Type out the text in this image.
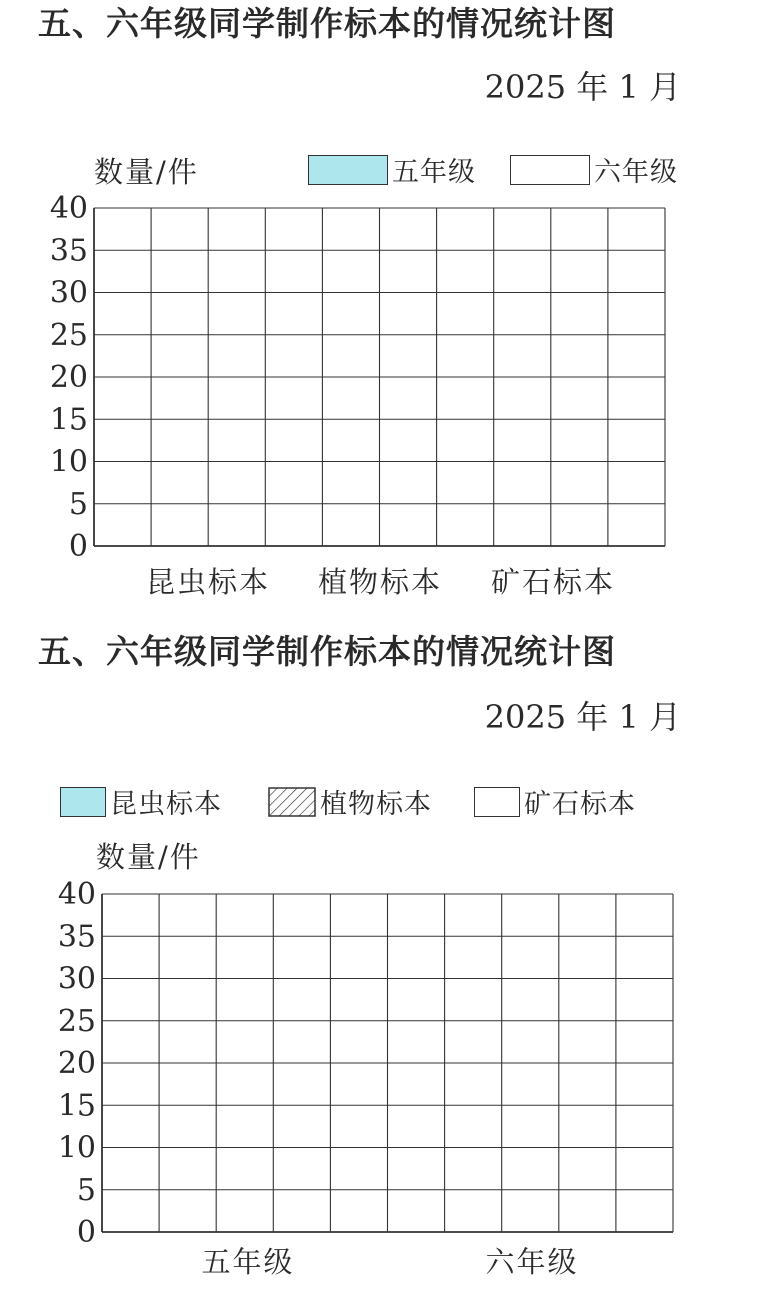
五、六年级同学制作标本的情况统计图
2025 年 1 月
数量/件	五年级	六年级
0
5
10
15
20
25
30
35
40
昆虫标本 植物标本 矿石标本
五、六年级同学制作标本的情况统计图
2025 年 1 月
昆虫标本	植物标本	矿石标本
数量/件
0
5
10
15
20
25
30
35
40
五年级	六年级
